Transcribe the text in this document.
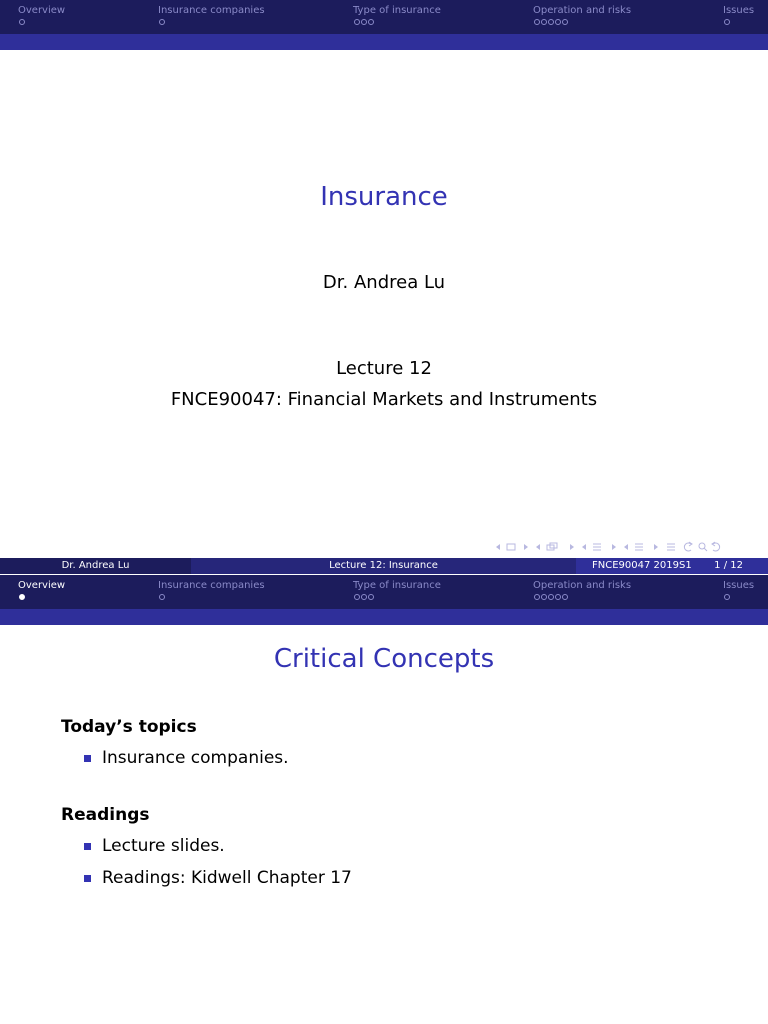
Overview	Insurance companies	Type of insurance	Operation and risks	Issues
Insurance
Dr. Andrea Lu
Lecture 12
FNCE90047: Financial Markets and Instruments
Dr. Andrea Lu	Lecture 12: Insurance	FNCE90047 2019S1 1 / 12
Overview	Insurance companies	Type of insurance	Operation and risks	Issues
Critical Concepts
Today’s topics
Insurance companies.
Readings
Lecture slides.
Readings: Kidwell Chapter 17
